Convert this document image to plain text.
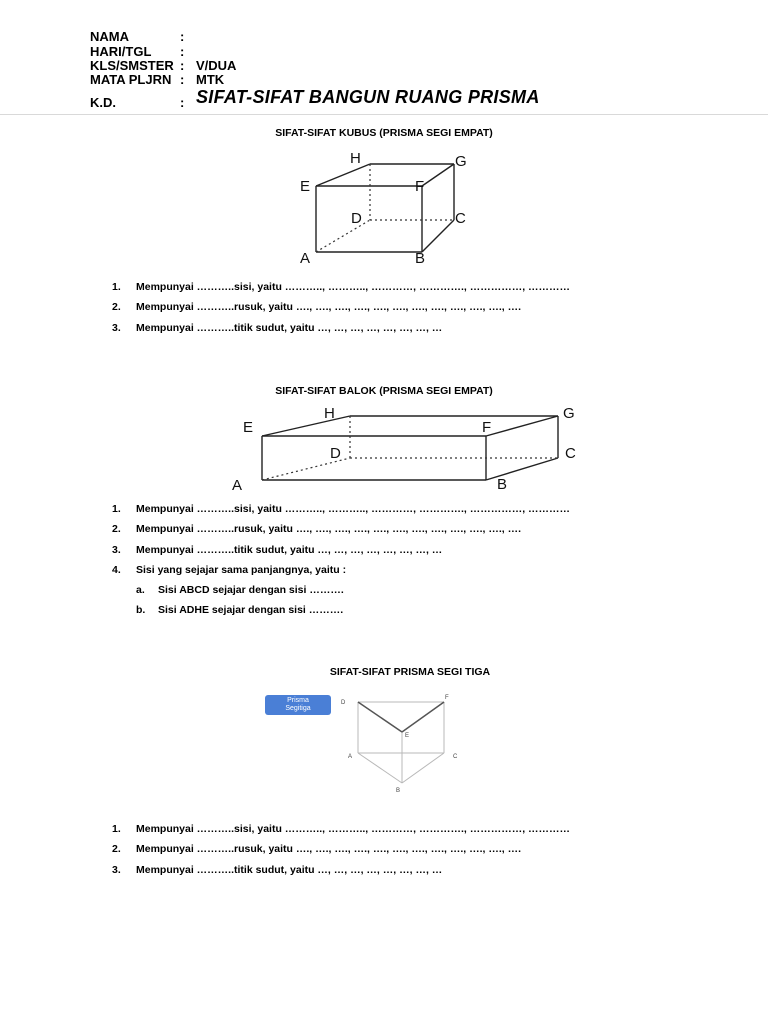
NAMA	:
HARI/TGL :
KLS/SMSTER : V/DUA
MATA PLJRN : MTK
K.D.	: SIFAT-SIFAT BANGUN RUANG PRISMA
SIFAT-SIFAT KUBUS (PRISMA SEGI EMPAT)
A	B
C
D
E	F
G
H
1. Mempunyai ………..sisi, yaitu ……….., ……….., …………, …………., ……………, …………
2. Mempunyai ………..rusuk, yaitu …., …., …., …., …., …., …., …., …., …., …., ….
3. Mempunyai ………..titik sudut, yaitu …, …, …, …, …, …, …, …
SIFAT-SIFAT BALOK (PRISMA SEGI EMPAT)
A	B
C
D
E	F
G
H
1. Mempunyai ………..sisi, yaitu ……….., ……….., …………, …………., ……………, …………
2. Mempunyai ………..rusuk, yaitu …., …., …., …., …., …., …., …., …., …., …., ….
3. Mempunyai ………..titik sudut, yaitu …, …, …, …, …, …, …, …
4. Sisi yang sejajar sama panjangnya, yaitu :
a. Sisi ABCD sejajar dengan sisi ……….
b. Sisi ADHE sejajar dengan sisi ……….
SIFAT-SIFAT PRISMA SEGI TIGA
Prisma
Segitiga
A
B
C
D
E
F
1. Mempunyai ………..sisi, yaitu ……….., ……….., …………, …………., ……………, …………
2. Mempunyai ………..rusuk, yaitu …., …., …., …., …., …., …., …., …., …., …., ….
3. Mempunyai ………..titik sudut, yaitu …, …, …, …, …, …, …, …
